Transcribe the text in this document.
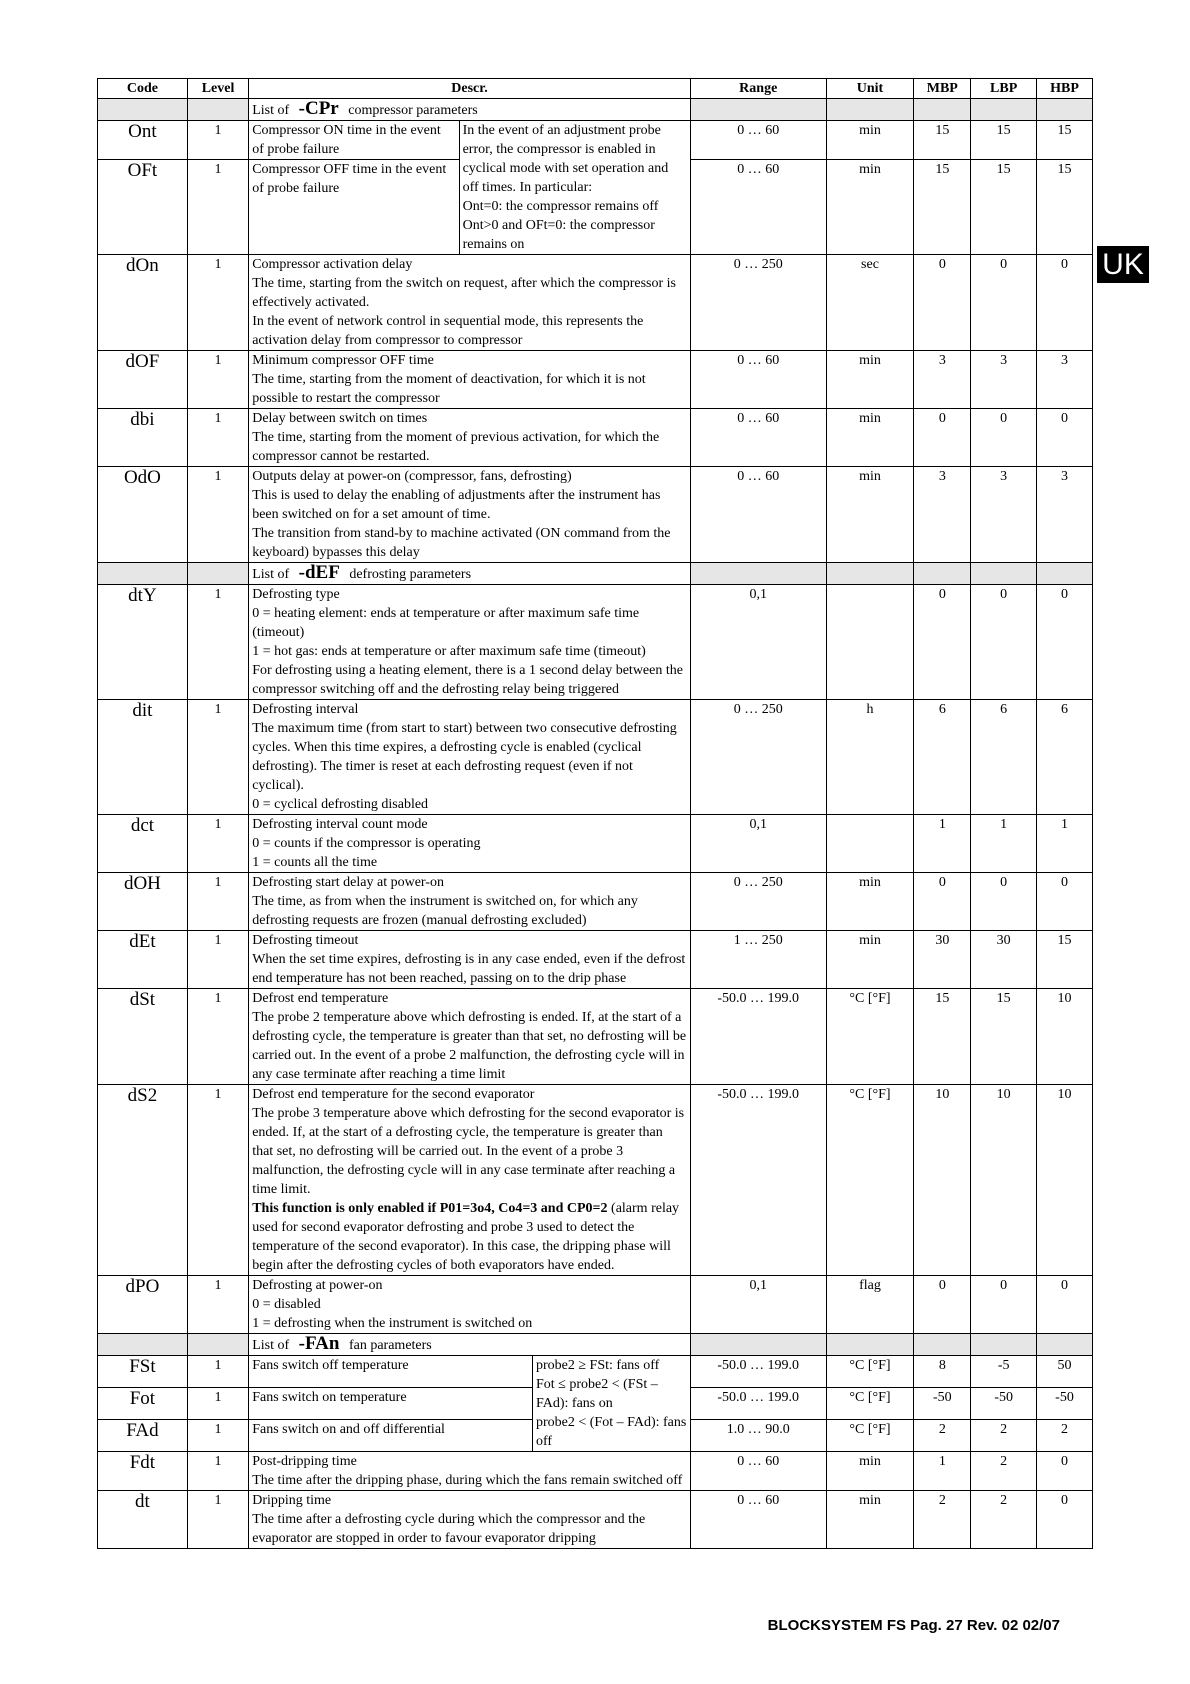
Code	Level	Descr.			Range	Unit	MBP	LBP	HBP
		List of -CPr compressor parameters							
Ont	1	Compressor ON time in the event of probe failure	In the event of an adjustment probe error, the compressor is enabled in cyclical mode with set operation and off times. In particular:
Ont=0: the compressor remains off
Ont>0 and OFt=0: the compressor remains on		0 … 60	min	15	15	15
OFt	1	Compressor OFF time in the event of probe failure			0 … 60	min	15	15	15
dOn	1	Compressor activation delay
The time, starting from the switch on request, after which the compressor is effectively activated.
In the event of network control in sequential mode, this represents the activation delay from compressor to compressor			0 … 250	sec	0	0	0
dOF	1	Minimum compressor OFF time
The time, starting from the moment of deactivation, for which it is not possible to restart the compressor			0 … 60	min	3	3	3
dbi	1	Delay between switch on times
The time, starting from the moment of previous activation, for which the compressor cannot be restarted.			0 … 60	min	0	0	0
OdO	1	Outputs delay at power-on (compressor, fans, defrosting)
This is used to delay the enabling of adjustments after the instrument has been switched on for a set amount of time.
The transition from stand-by to machine activated (ON command from the keyboard) bypasses this delay			0 … 60	min	3	3	3
		List of -dEF defrosting parameters							
dtY	1	Defrosting type
0 = heating element: ends at temperature or after maximum safe time (timeout)
1 = hot gas: ends at temperature or after maximum safe time (timeout)
For defrosting using a heating element, there is a 1 second delay between the compressor switching off and the defrosting relay being triggered			0,1		0	0	0
dit	1	Defrosting interval
The maximum time (from start to start) between two consecutive defrosting cycles. When this time expires, a defrosting cycle is enabled (cyclical defrosting). The timer is reset at each defrosting request (even if not cyclical).
0 = cyclical defrosting disabled			0 … 250	h	6	6	6
dct	1	Defrosting interval count mode
0 = counts if the compressor is operating
1 = counts all the time			0,1		1	1	1
dOH	1	Defrosting start delay at power-on
The time, as from when the instrument is switched on, for which any defrosting requests are frozen (manual defrosting excluded)			0 … 250	min	0	0	0
dEt	1	Defrosting timeout
When the set time expires, defrosting is in any case ended, even if the defrost end temperature has not been reached, passing on to the drip phase			1 … 250	min	30	30	15
dSt	1	Defrost end temperature
The probe 2 temperature above which defrosting is ended. If, at the start of a defrosting cycle, the temperature is greater than that set, no defrosting will be carried out. In the event of a probe 2 malfunction, the defrosting cycle will in any case terminate after reaching a time limit			-50.0 … 199.0	°C [°F]	15	15	10
dS2	1	Defrost end temperature for the second evaporator
The probe 3 temperature above which defrosting for the second evaporator is ended. If, at the start of a defrosting cycle, the temperature is greater than that set, no defrosting will be carried out. In the event of a probe 3 malfunction, the defrosting cycle will in any case terminate after reaching a time limit.
This function is only enabled if P01=3o4, Co4=3 and CP0=2 (alarm relay used for second evaporator defrosting and probe 3 used to detect the temperature of the second evaporator). In this case, the dripping phase will begin after the defrosting cycles of both evaporators have ended.			-50.0 … 199.0	°C [°F]	10	10	10
dPO	1	Defrosting at power-on
0 = disabled
1 = defrosting when the instrument is switched on			0,1	flag	0	0	0
		List of -FAn fan parameters							
FSt	1	Fans switch off temperature		probe2 ≥ FSt: fans off
Fot ≤ probe2 < (FSt – FAd): fans on
probe2 < (Fot – FAd): fans off	-50.0 … 199.0	°C [°F]	8	-5	50
Fot	1	Fans switch on temperature			-50.0 … 199.0	°C [°F]	-50	-50	-50
FAd	1	Fans switch on and off differential			1.0 … 90.0	°C [°F]	2	2	2
Fdt	1	Post-dripping time
The time after the dripping phase, during which the fans remain switched off			0 … 60	min	1	2	0
dt	1	Dripping time
The time after a defrosting cycle during which the compressor and the evaporator are stopped in order to favour evaporator dripping			0 … 60	min	2	2	0
UK
BLOCKSYSTEM FS Pag. 27 Rev. 02 02/07
